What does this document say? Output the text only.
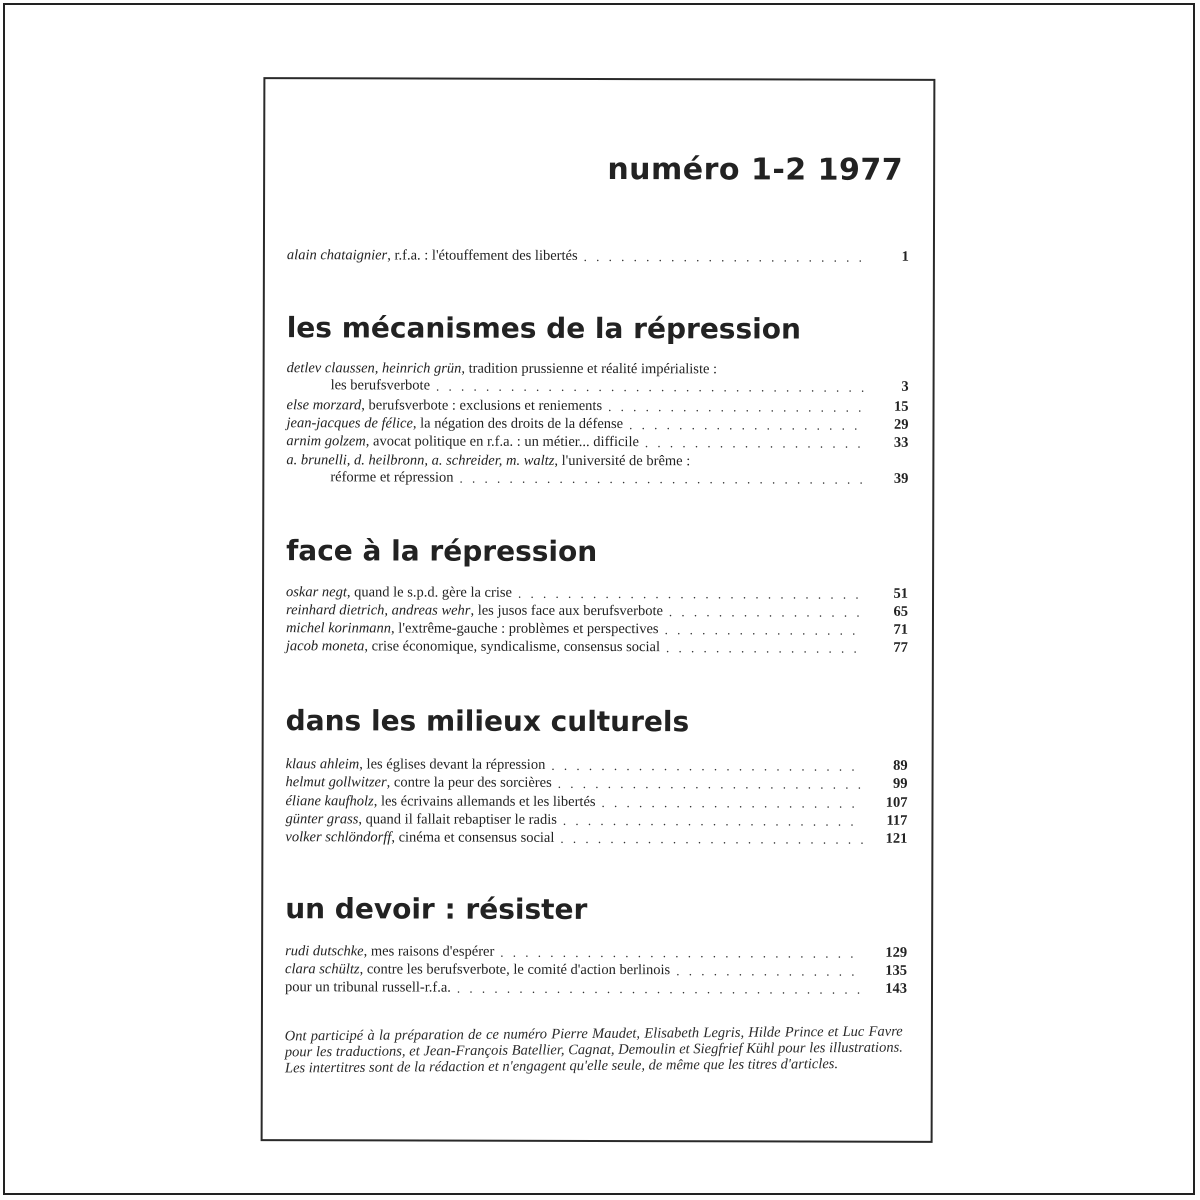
numéro 1-2 1977
alain chataignier , r.f.a. : l'étouffement des libertés . . .	1
les mécanismes de la répression
detlev claussen, heinrich grün , tradition prussienne et réalité impérialiste :
les berufsverbote . . .	3
else morzard , berufsverbote : exclusions et reniements . . .	15
jean-jacques de félice , la négation des droits de la défense . . .	29
arnim golzem , avocat politique en r.f.a. : un métier... difficile . . .	33
a. brunelli, d. heilbronn, a. schreider, m. waltz , l'université de brême :
réforme et répression . . .	39
face à la répression
oskar negt , quand le s.p.d. gère la crise . . .	51
reinhard dietrich, andreas wehr , les jusos face aux berufsverbote . . .	65
michel korinmann , l'extrême-gauche : problèmes et perspectives . . .	71
jacob moneta , crise économique, syndicalisme, consensus social . . .	77
dans les milieux culturels
klaus ahleim , les églises devant la répression . . .	89
helmut gollwitzer , contre la peur des sorcières . . .	99
éliane kaufholz , les écrivains allemands et les libertés . . .	107
günter grass , quand il fallait rebaptiser le radis . . .	117
volker schlöndorff , cinéma et consensus social . . .	121
un devoir : résister
rudi dutschke , mes raisons d'espérer . . .	129
clara schültz , contre les berufsverbote, le comité d'action berlinois . . .	135
pour un tribunal russell-r.f.a. . . .	143

Ont participé à la préparation de ce numéro Pierre Maudet, Elisabeth Legris, Hilde Prince et Luc Favre pour les traductions, et Jean-François Batellier, Cagnat, Demoulin et Siegfrief Kühl pour les illustrations. Les intertitres sont de la rédaction et n'engagent qu'elle seule, de même que les titres d'articles.
